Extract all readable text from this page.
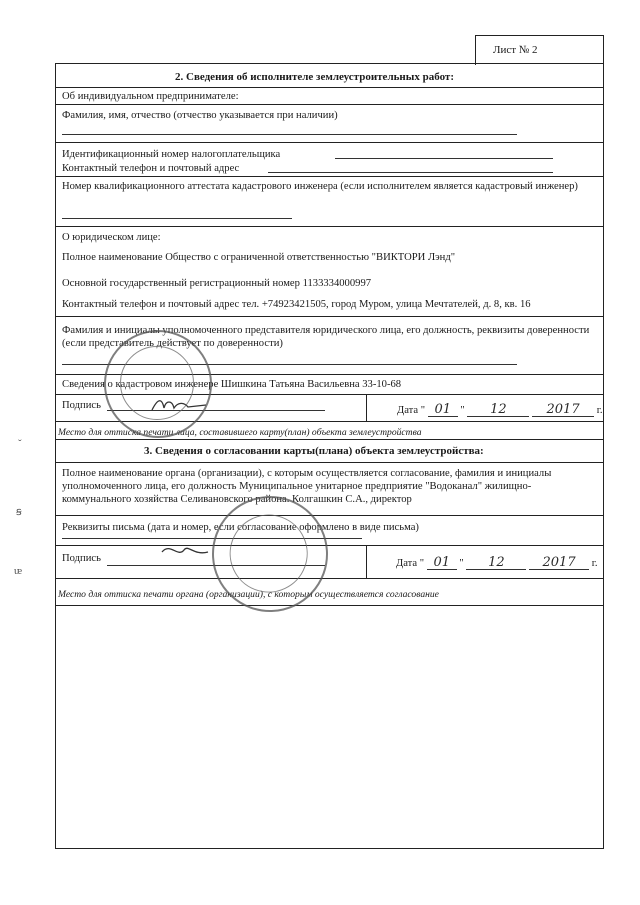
Лист № 2
2. Сведения об исполнителе землеустроительных работ:
Об индивидуальном предпринимателе:
Фамилия, имя, отчество (отчество указывается при наличии)
Идентификационный номер налогоплательщика
Контактный телефон и почтовый адрес
Номер квалификационного аттестата кадастрового инженера (если исполнителем является кадастровый инженер)
О юридическом лице:
Полное наименование Общество с ограниченной ответственностью "ВИКТОРИ Лэнд"
Основной государственный регистрационный номер 1133334000997
Контактный телефон и почтовый адрес тел. +74923421505, город Муром, улица Мечтателей, д. 8, кв. 16
Фамилия и инициалы уполномоченного представителя юридического лица, его должность, реквизиты доверенности (если представитель действует по доверенности)
Сведения о кадастровом инженере Шишкина Татьяна Васильевна 33-10-68
Подпись	Дата " 01 " 12	2017 г.
Место для оттиска печати лица, составившего карту(план) объекта землеустройства
3. Сведения о согласовании карты(плана) объекта землеустройства:
Полное наименование органа (организации), с которым осуществляется согласование, фамилия и инициалы уполномоченного лица, его должность Муниципальное унитарное предприятие "Водоканал" жилищно-коммунального хозяйства Селивановского района. Колгашкин С.А., директор
Реквизиты письма (дата и номер, если согласование оформлено в виде письма)
Подпись	Дата " 01 " 12	2017 г.
Место для оттиска печати органа (организации), с которым осуществляется согласование
ˇ
ꞩ
ᵫ
